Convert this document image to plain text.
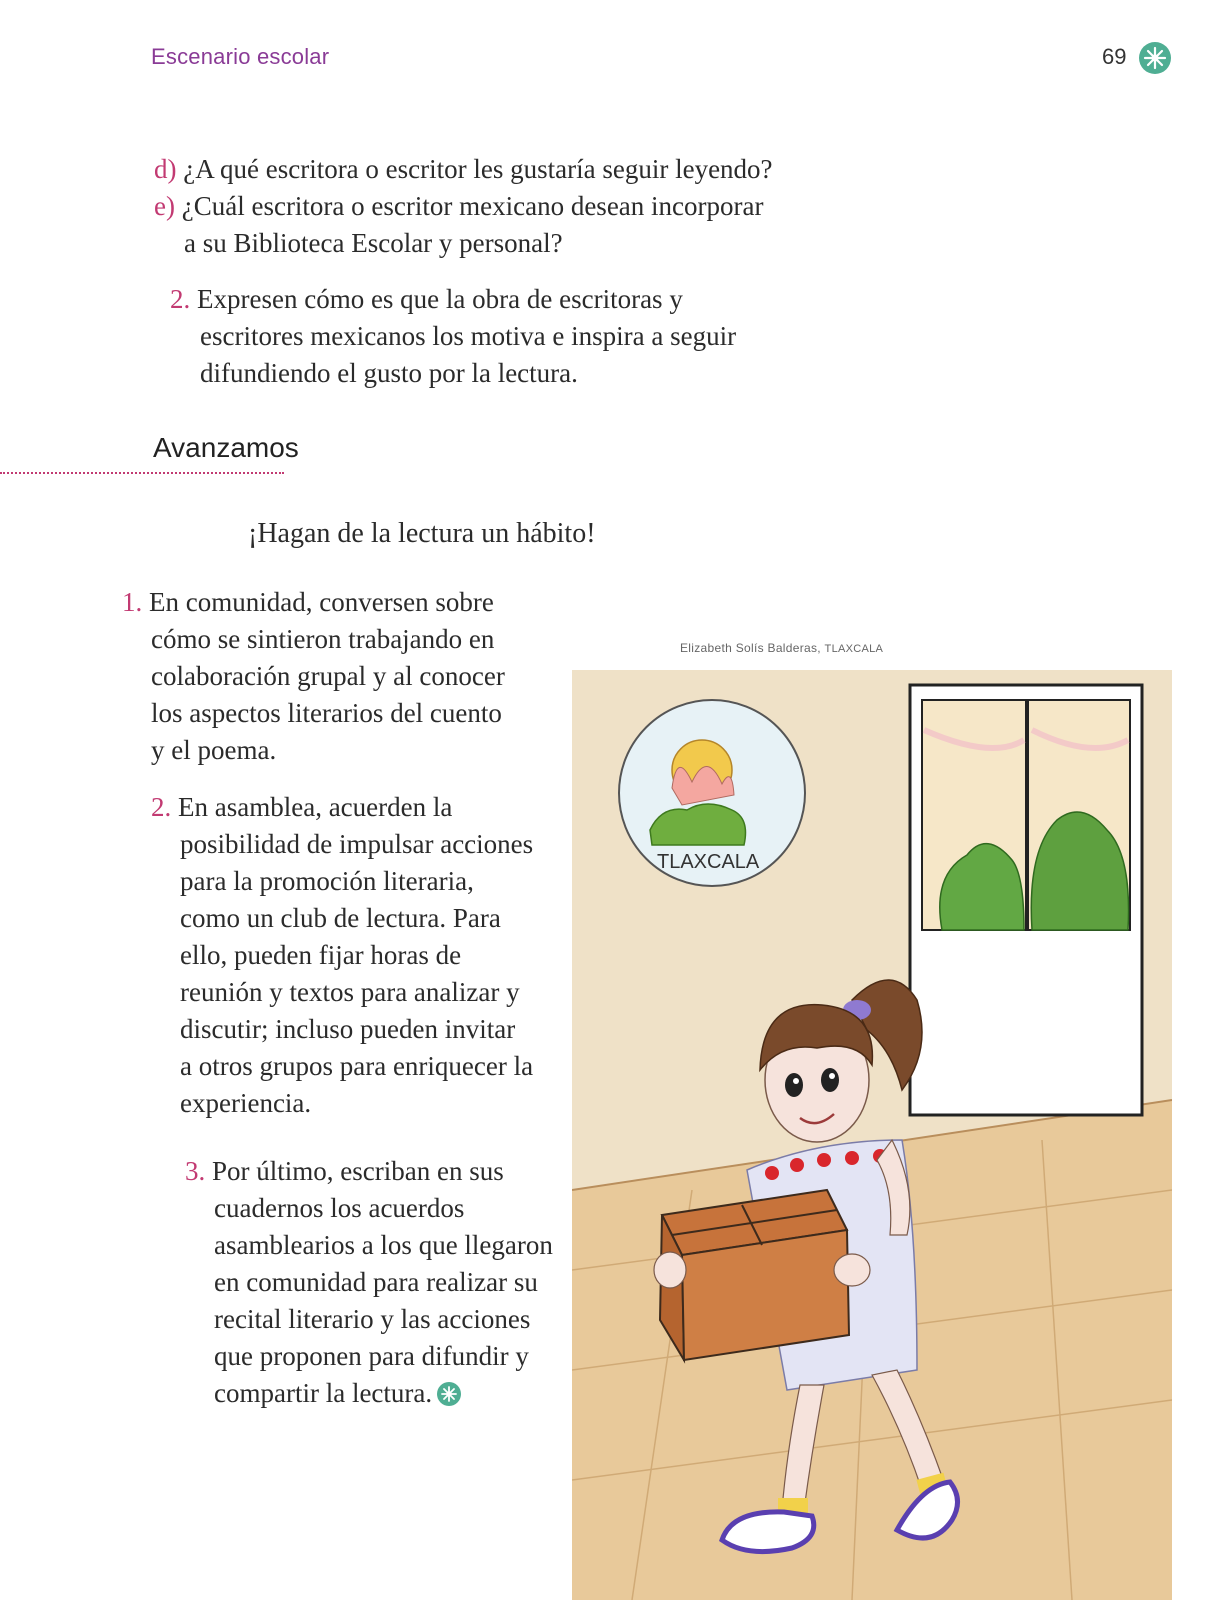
Escenario escolar	69
d) ¿A qué escritora o escritor les gustaría seguir leyendo?
e) ¿Cuál escritora o escritor mexicano desean incorporar
a su Biblioteca Escolar y personal?
2. Expresen cómo es que la obra de escritoras y
escritores mexicanos los motiva e inspira a seguir
difundiendo el gusto por la lectura.
Avanzamos
¡Hagan de la lectura un hábito!
1. En comunidad, conversen sobre
cómo se sintieron trabajando en
colaboración grupal y al conocer
los aspectos literarios del cuento
y el poema.
2. En asamblea, acuerden la
posibilidad de impulsar acciones
para la promoción literaria,
como un club de lectura. Para
ello, pueden fijar horas de
reunión y textos para analizar y
discutir; incluso pueden invitar
a otros grupos para enriquecer la
experiencia.
3. Por último, escriban en sus
cuadernos los acuerdos
asamblearios a los que llegaron
en comunidad para realizar su
recital literario y las acciones
que proponen para difundir y
compartir la lectura.
Elizabeth Solís Balderas, TLAXCALA
TLAXCALA
